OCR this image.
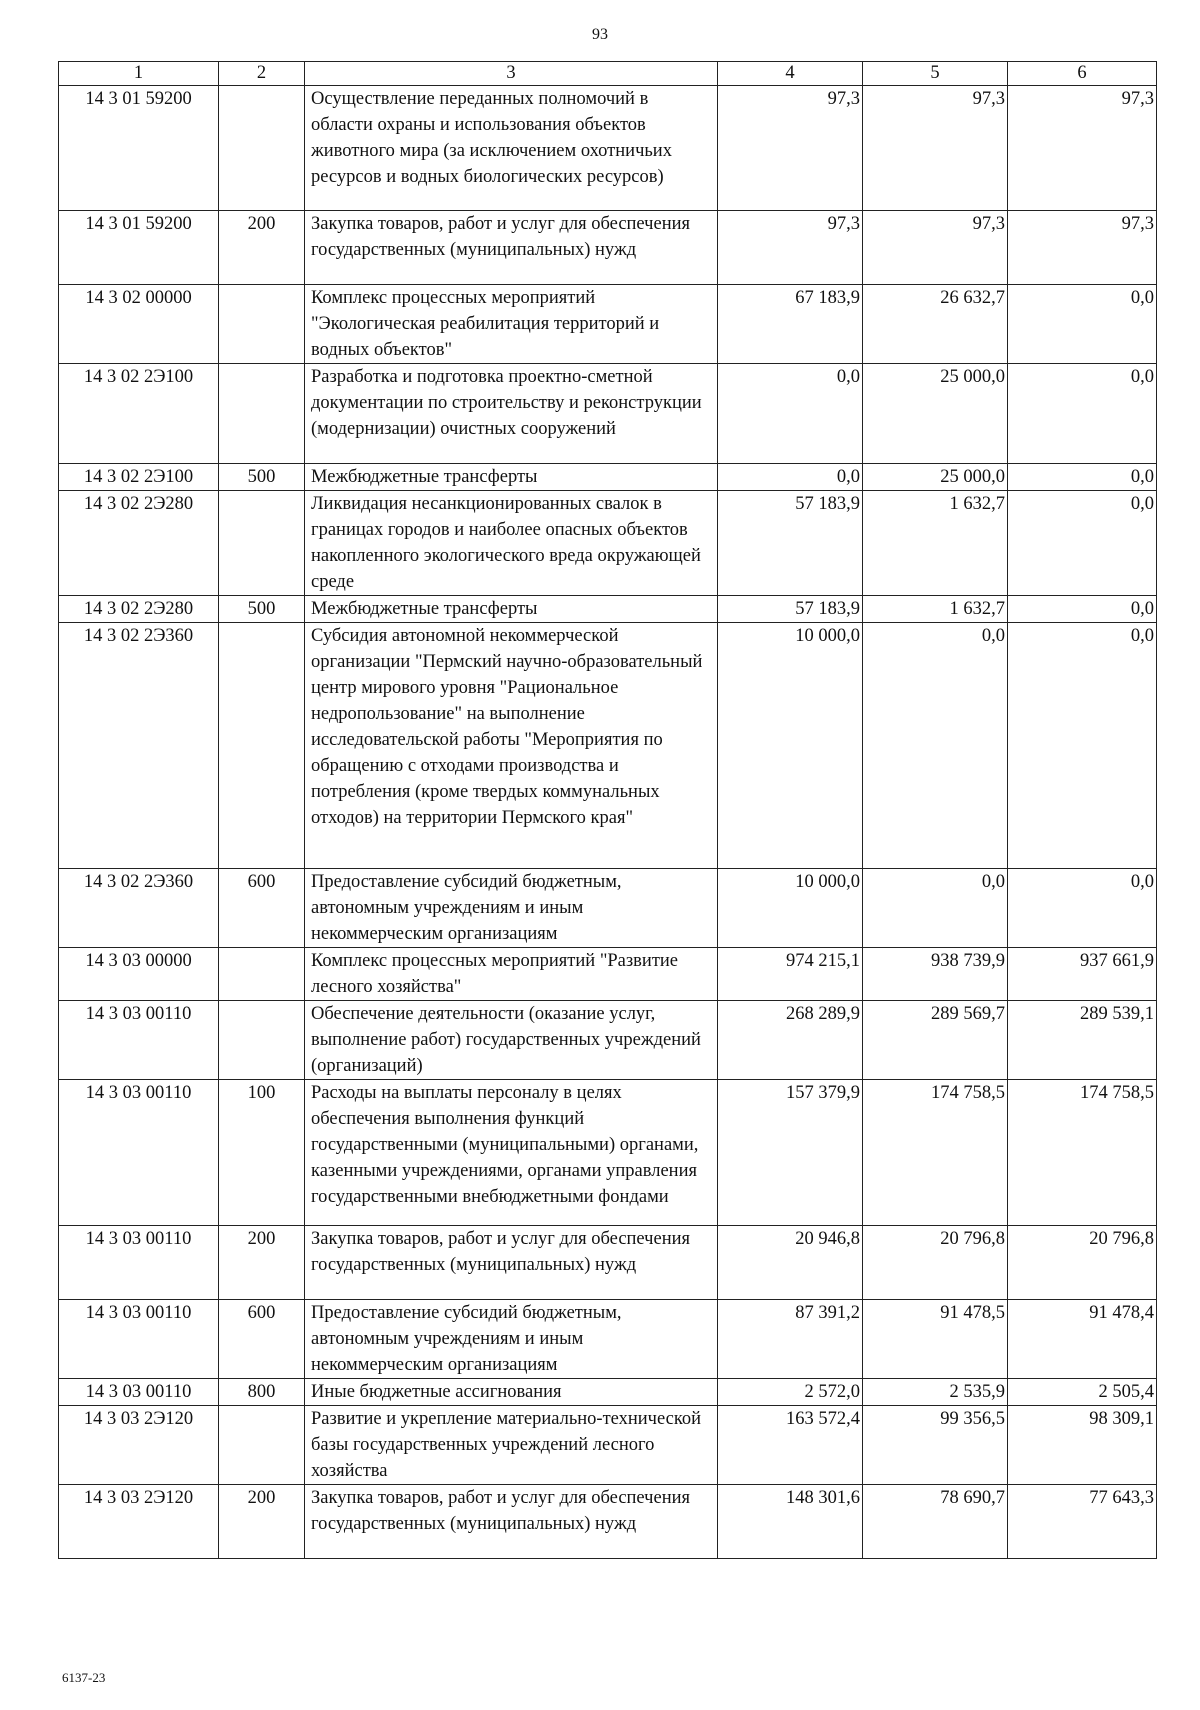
93
1	2	3	4	5	6
14 3 01 59200		Осуществление переданных полномочий в области охраны и использования объектов животного мира (за исключением охотничьих ресурсов и водных биологических ресурсов)	97,3	97,3	97,3
14 3 01 59200	200	Закупка товаров, работ и услуг для обеспечения государственных (муниципальных) нужд	97,3	97,3	97,3
14 3 02 00000		Комплекс процессных мероприятий "Экологическая реабилитация территорий и водных объектов"	67 183,9	26 632,7	0,0
14 3 02 2Э100		Разработка и подготовка проектно-сметной документации по строительству и реконструкции (модернизации) очистных сооружений	0,0	25 000,0	0,0
14 3 02 2Э100	500	Межбюджетные трансферты	0,0	25 000,0	0,0
14 3 02 2Э280		Ликвидация несанкционированных свалок в границах городов и наиболее опасных объектов накопленного экологического вреда окружающей среде	57 183,9	1 632,7	0,0
14 3 02 2Э280	500	Межбюджетные трансферты	57 183,9	1 632,7	0,0
14 3 02 2Э360		Субсидия автономной некоммерческой организации "Пермский научно-образовательный центр мирового уровня "Рациональное недропользование" на выполнение исследовательской работы "Мероприятия по обращению с отходами производства и потребления (кроме твердых коммунальных отходов) на территории Пермского края"	10 000,0	0,0	0,0
14 3 02 2Э360	600	Предоставление субсидий бюджетным, автономным учреждениям и иным некоммерческим организациям	10 000,0	0,0	0,0
14 3 03 00000		Комплекс процессных мероприятий "Развитие лесного хозяйства"	974 215,1	938 739,9	937 661,9
14 3 03 00110		Обеспечение деятельности (оказание услуг, выполнение работ) государственных учреждений (организаций)	268 289,9	289 569,7	289 539,1
14 3 03 00110	100	Расходы на выплаты персоналу в целях обеспечения выполнения функций государственными (муниципальными) органами, казенными учреждениями, органами управления государственными внебюджетными фондами	157 379,9	174 758,5	174 758,5
14 3 03 00110	200	Закупка товаров, работ и услуг для обеспечения государственных (муниципальных) нужд	20 946,8	20 796,8	20 796,8
14 3 03 00110	600	Предоставление субсидий бюджетным, автономным учреждениям и иным некоммерческим организациям	87 391,2	91 478,5	91 478,4
14 3 03 00110	800	Иные бюджетные ассигнования	2 572,0	2 535,9	2 505,4
14 3 03 2Э120		Развитие и укрепление материально-технической базы государственных учреждений лесного хозяйства	163 572,4	99 356,5	98 309,1
14 3 03 2Э120	200	Закупка товаров, работ и услуг для обеспечения государственных (муниципальных) нужд	148 301,6	78 690,7	77 643,3
6137-23
